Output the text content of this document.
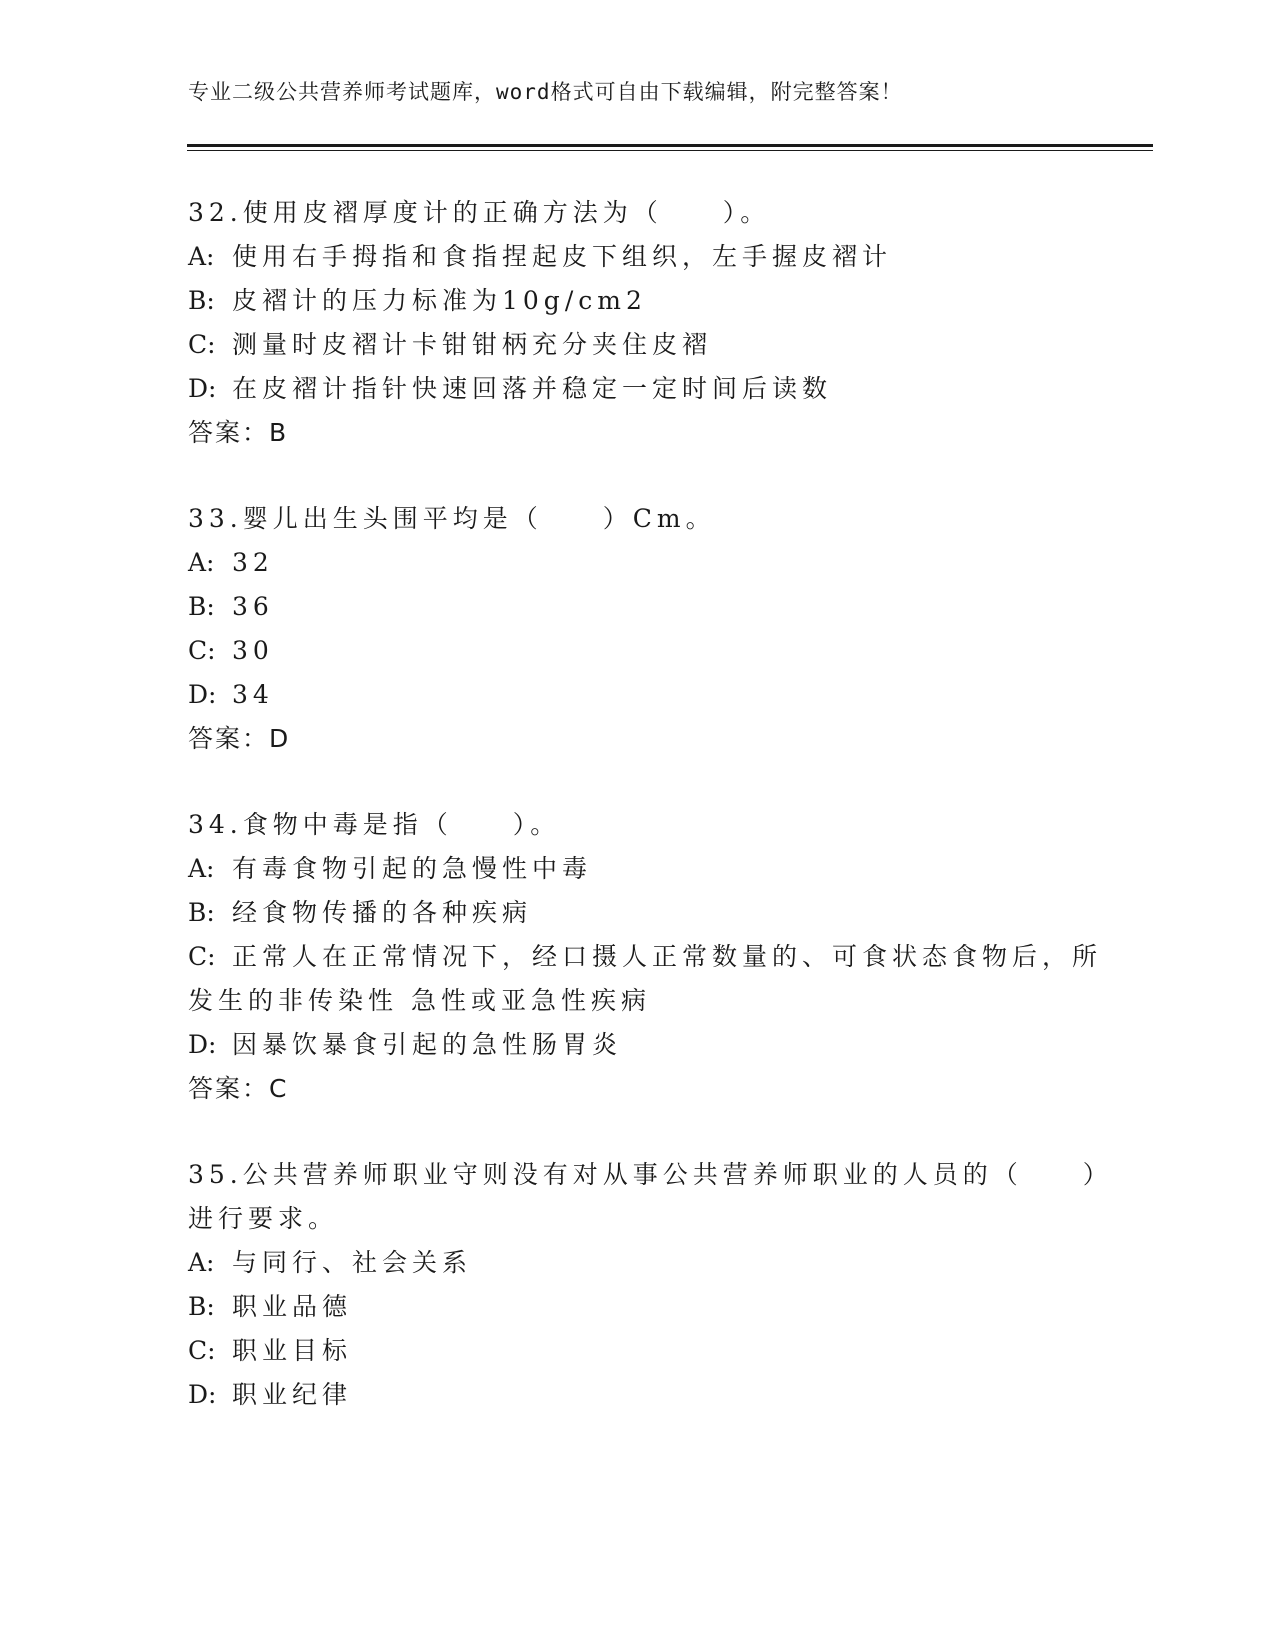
专业二级公共营养师考试题库，word格式可自由下载编辑，附完整答案！
32.使用皮褶厚度计的正确方法为（　　）。
A: 使用右手拇指和食指捏起皮下组织，左手握皮褶计
B: 皮褶计的压力标准为10g/cm2
C: 测量时皮褶计卡钳钳柄充分夹住皮褶
D: 在皮褶计指针快速回落并稳定一定时间后读数
答案：B
33.婴儿出生头围平均是（　　）Cm。
A: 32
B: 36
C: 30
D: 34
答案：D
34.食物中毒是指（　　）。
A: 有毒食物引起的急慢性中毒
B: 经食物传播的各种疾病
C: 正常人在正常情况下，经口摄人正常数量的、可食状态食物后，所
发生的非传染性 急性或亚急性疾病
D: 因暴饮暴食引起的急性肠胃炎
答案：C
35.公共营养师职业守则没有对从事公共营养师职业的人员的（　　）
进行要求。
A: 与同行、社会关系
B: 职业品德
C: 职业目标
D: 职业纪律
